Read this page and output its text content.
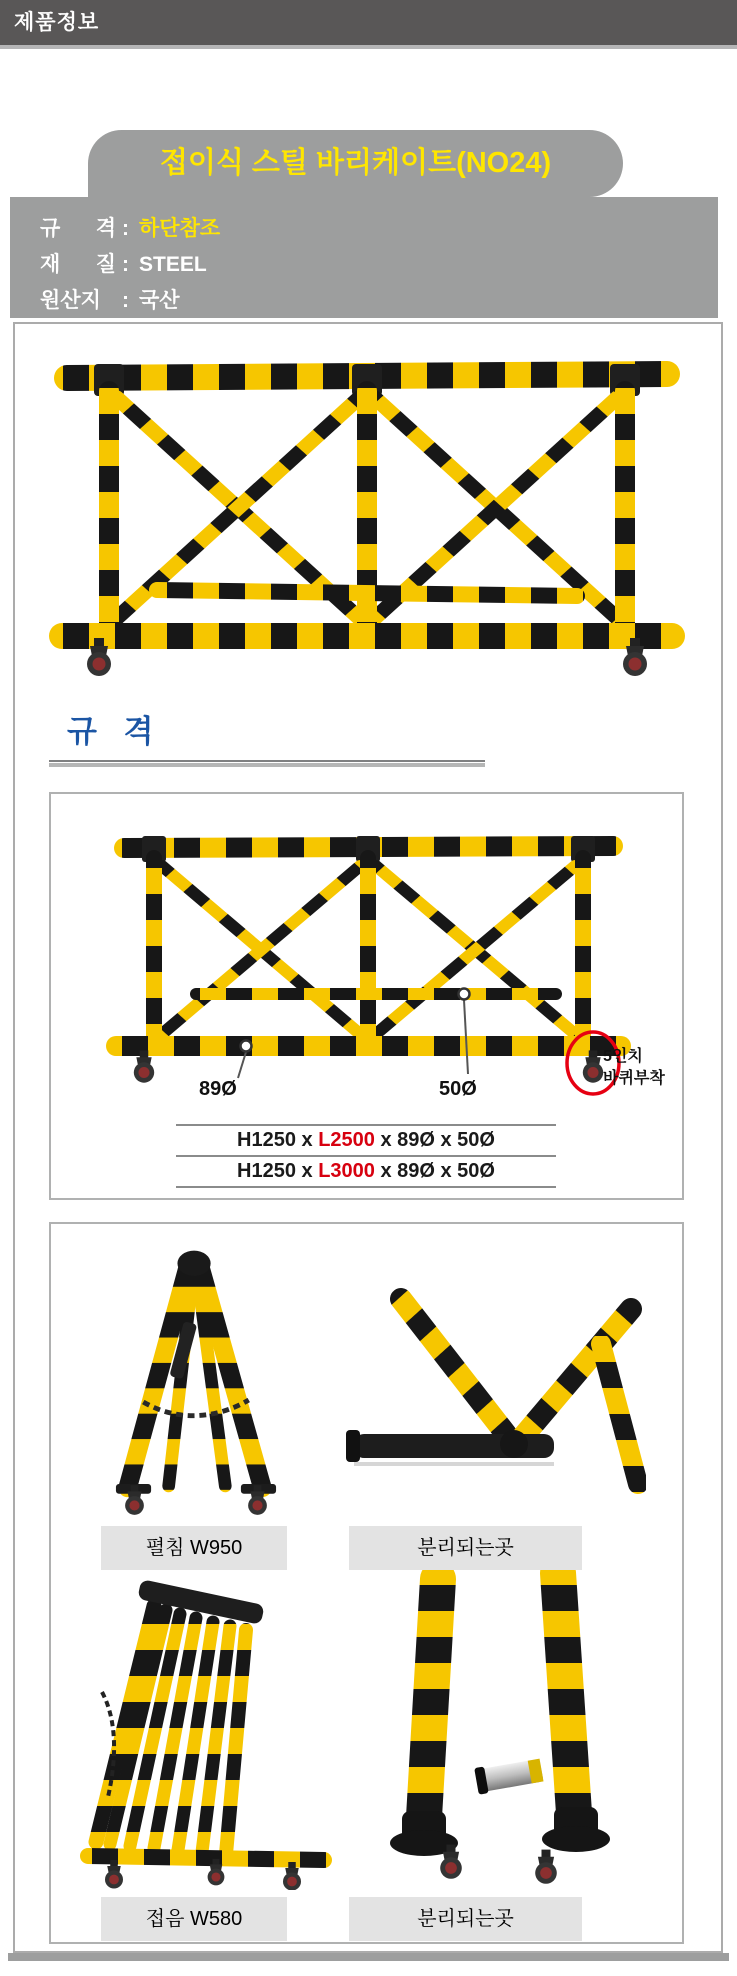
제품정보
접이식 스틸 바리케이트(NO24)
규 격 : 하단참조
재 질 : STEEL
원산지 : 국산
규 격
89Ø	50Ø
5인치
바퀴부착
H1250 x L2500 x 89Ø x 50Ø
H1250 x L3000 x 89Ø x 50Ø
펼침 W950	분리되는곳
접음 W580	분리되는곳
